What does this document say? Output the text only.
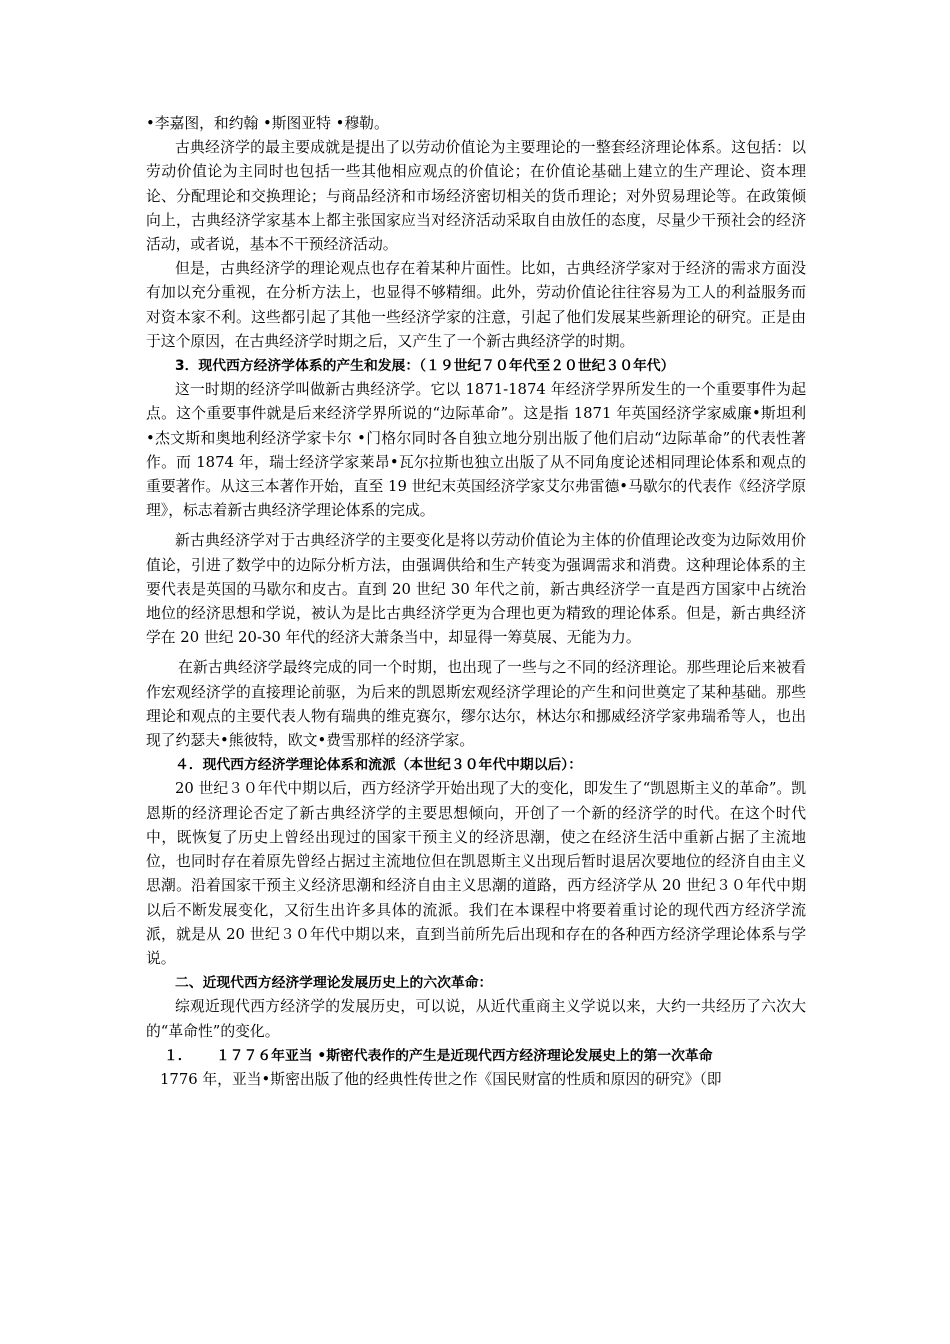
•李嘉图，和约翰 •斯图亚特 •穆勒。

古典经济学的最主要成就是提出了以劳动价值论为主要理论的一整套经济理论体系。这包括：以劳动价值论为主同时也包括一些其他相应观点的价值论；在价值论基础上建立的生产理论、资本理论、分配理论和交换理论；与商品经济和市场经济密切相关的货币理论；对外贸易理论等。在政策倾向上，古典经济学家基本上都主张国家应当对经济活动采取自由放任的态度，尽量少干预社会的经济活动，或者说，基本不干预经济活动。

但是，古典经济学的理论观点也存在着某种片面性。比如，古典经济学家对于经济的需求方面没有加以充分重视，在分析方法上，也显得不够精细。此外，劳动价值论往往容易为工人的利益服务而对资本家不利。这些都引起了其他一些经济学家的注意，引起了他们发展某些新理论的研究。正是由于这个原因，在古典经济学时期之后，又产生了一个新古典经济学的时期。

3．现代西方经济学体系的产生和发展：（１９世纪７０年代至２０世纪３０年代）

这一时期的经济学叫做新古典经济学。它以 1871-1874 年经济学界所发生的一个重要事件为起点。这个重要事件就是后来经济学界所说的“边际革命”。这是指 1871 年英国经济学家威廉•斯坦利 •杰文斯和奥地利经济学家卡尔 •门格尔同时各自独立地分别出版了他们启动“边际革命”的代表性著作。而 1874 年，瑞士经济学家莱昂•瓦尔拉斯也独立出版了从不同角度论述相同理论体系和观点的重要著作。从这三本著作开始，直至 19 世纪末英国经济学家艾尔弗雷德•马歇尔的代表作《经济学原理》，标志着新古典经济学理论体系的完成。

新古典经济学对于古典经济学的主要变化是将以劳动价值论为主体的价值理论改变为边际效用价值论，引进了数学中的边际分析方法，由强调供给和生产转变为强调需求和消费。这种理论体系的主要代表是英国的马歇尔和皮古。直到 20 世纪 30 年代之前，新古典经济学一直是西方国家中占统治地位的经济思想和学说，被认为是比古典经济学更为合理也更为精致的理论体系。但是，新古典经济学在 20 世纪 20-30 年代的经济大萧条当中，却显得一筹莫展、无能为力。

在新古典经济学最终完成的同一个时期，也出现了一些与之不同的经济理论。那些理论后来被看作宏观经济学的直接理论前驱，为后来的凯恩斯宏观经济学理论的产生和问世奠定了某种基础。那些理论和观点的主要代表人物有瑞典的维克赛尔，缪尔达尔，林达尔和挪威经济学家弗瑞希等人，也出现了约瑟夫•熊彼特，欧文•费雪那样的经济学家。

４．现代西方经济学理论体系和流派（本世纪３０年代中期以后）：

20 世纪３０年代中期以后，西方经济学开始出现了大的变化，即发生了“凯恩斯主义的革命”。凯恩斯的经济理论否定了新古典经济学的主要思想倾向，开创了一个新的经济学的时代。在这个时代中，既恢复了历史上曾经出现过的国家干预主义的经济思潮，使之在经济生活中重新占据了主流地位，也同时存在着原先曾经占据过主流地位但在凯恩斯主义出现后暂时退居次要地位的经济自由主义思潮。沿着国家干预主义经济思潮和经济自由主义思潮的道路，西方经济学从 20 世纪３０年代中期以后不断发展变化，又衍生出许多具体的流派。我们在本课程中将要着重讨论的现代西方经济学流派，就是从 20 世纪３０年代中期以来，直到当前所先后出现和存在的各种西方经济学理论体系与学说。

二、近现代西方经济学理论发展历史上的六次革命：

综观近现代西方经济学的发展历史，可以说，从近代重商主义学说以来，大约一共经历了六次大的“革命性”的变化。

１．	１７７６年亚当 •斯密代表作的产生是近现代西方经济理论发展史上的第一次革命

1776 年，亚当•斯密出版了他的经典性传世之作《国民财富的性质和原因的研究》（即
